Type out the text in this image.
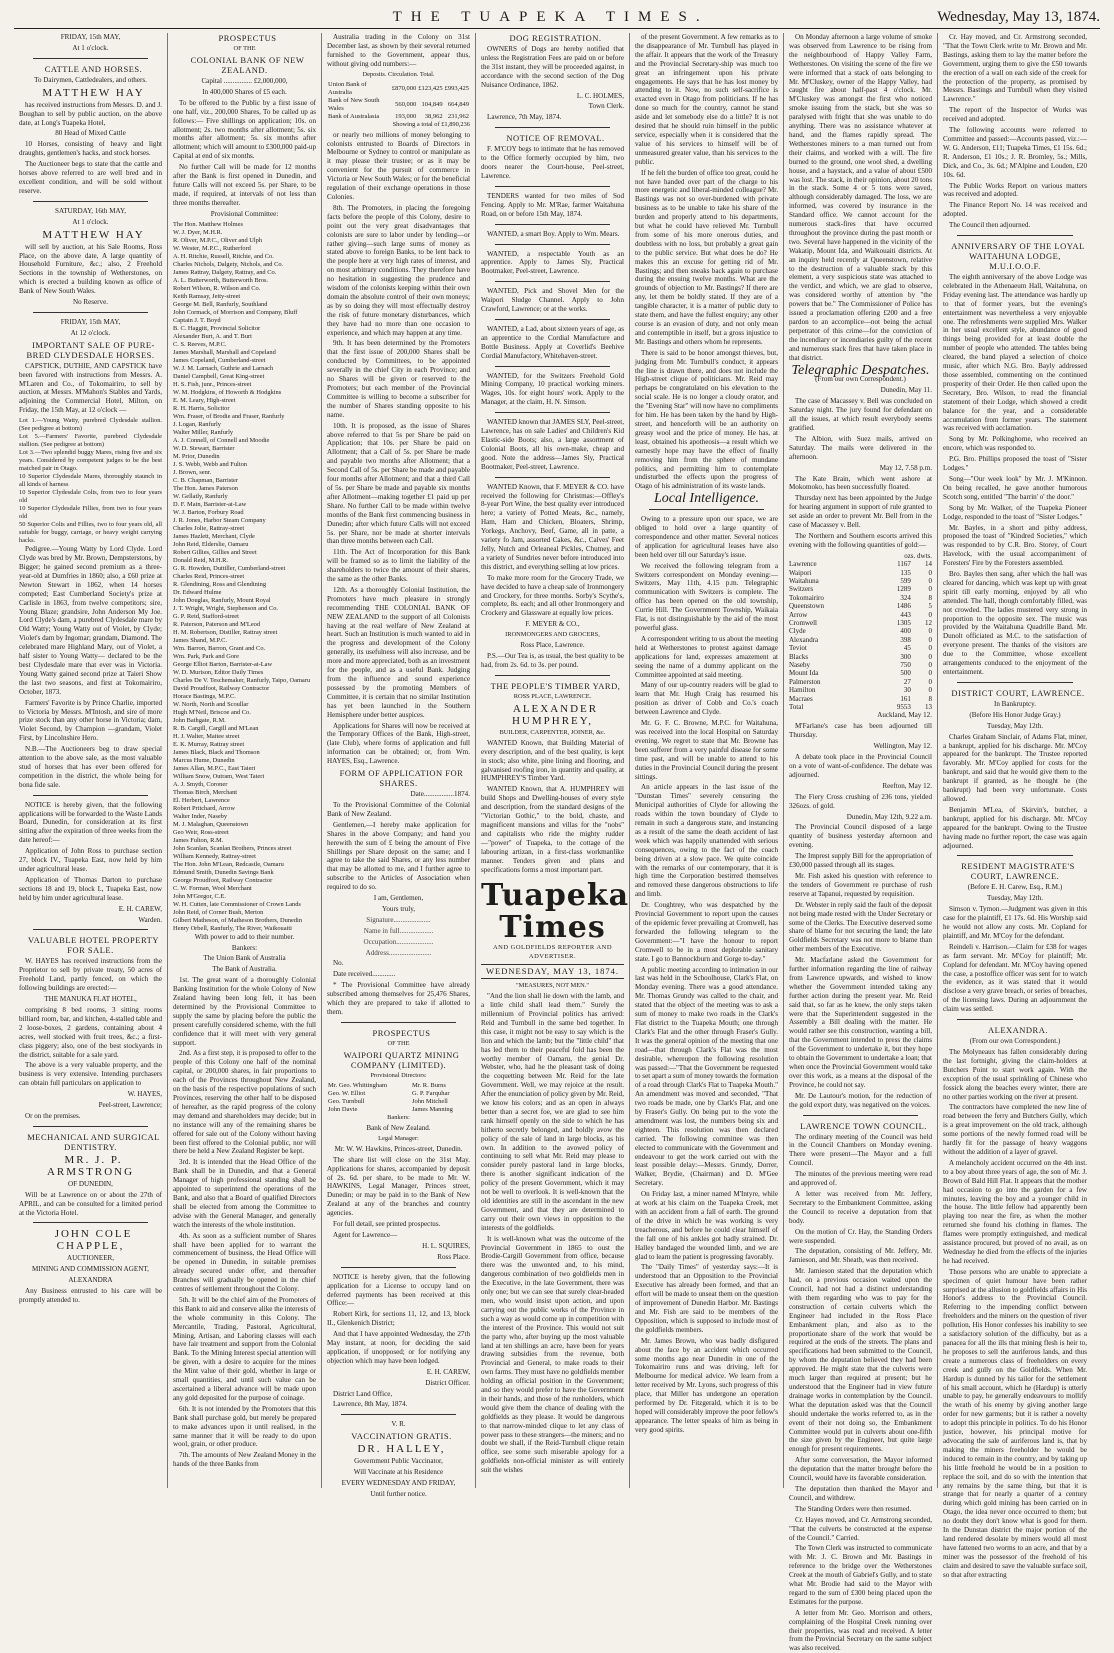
THE TUAPEKA TIMES.	Wednesday, May 13, 1874.

FRIDAY, 15th MAY,

At 1 o'clock.

CATTLE AND HORSES.

To Dairymen, Cattledealers, and others.

MATTHEW HAY

has received instructions from Messrs. D. and J. Boughan to sell by public auction, on the above date, at Long's Tuapeka Hotel,

80 Head of Mixed Cattle

10 Horses, consisting of heavy and light draughts, gentlemen's hacks, and stock horses.

The Auctioneer begs to state that the cattle and horses above referred to are well bred and in excellent condition, and will be sold without reserve.

SATURDAY, 16th MAY,

At 1 o'clock.

MATTHEW HAY

will sell by auction, at his Sale Rooms, Ross Place, on the above date, A large quantity of Household Furniture, &c.; also, 2 Freehold Sections in the township of Wetherstones, on which is erected a building known as office of Bank of New South Wales.

No Reserve.

FRIDAY, 15th MAY,

At 12 o'clock.

IMPORTANT SALE OF PURE-BRED CLYDESDALE HORSES.

CAPSTICK, DUTHIE, AND CAPSTICK have been favored with instructions from Messrs. A. M'Laren and Co., of Tokomairiro, to sell by auction, at Messrs. M'Mahon's Stables and Yards, adjoining the Commercial Hotel, Milton, on Friday, the 15th May, at 12 o'clock —

Lot 1.—Young Watty, purebred Clydesdale stallion. (See pedigree at bottom)

Lot 5.—Farmers' Favorite, purebred Clydesdale stallion. (See pedigree at bottom)

Lot 3.—Two splendid buggy Mares, rising five and six years. Considered by competent judges to be the best matched pair in Otago.

10 Superior Clydesdale Mares, thoroughly staunch in all kinds of harness

10 Superior Clydesdale Colts, from two to four years old

10 Superior Clydesdale Fillies, from two to four years old

50 Superior Colts and Fillies, two to four years old, all suitable for buggy, carriage, or heavy weight carrying hacks.

Pedigree.—Young Watty by Lord Clyde. Lord Clyde was bred by Mr. Brown, Dempsterstons, by Bigger; he gained second premium as a three-year-old at Dumfries in 1860; also, a £60 prize at Newton Stewart in 1862, when 14 horses competed; East Cumberland Society's prize at Carlisle in 1863, from twelve competitors; sire, Young Blaze; grandsire, John Anderson My Joe. Lord Clyde's dam, a purebred Clydesdale mare by Old Watty; Young Watty out of Violet, by Clyde; Violet's dam by Ingomar; grandam, Diamond. The celebrated mare Highland Mary, out of Violet, a half sister to Young Watty— declared to be the best Clydesdale mare that ever was in Victoria. Young Watty gained second prize at Taieri Show the last two seasons, and first at Tokomairiro, October, 1873.

Farmers' Favorite is by Prince Charlie, imported to Victoria by Messrs. M'Intosh, and sire of more prize stock than any other horse in Victoria; dam, Violet Second, by Champion —grandam, Violet First, by Lincolnshire Hero.

N.B.—The Auctioneers beg to draw special attention to the above sale, as the most valuable stud of horses that has ever been offered for competition in the district, the whole being for bona fide sale.

NOTICE is hereby given, that the following applications will be forwarded to the Waste Lands Board, Dunedin, for consideration at its first sitting after the expiration of three weeks from the date hereof:—

Application of John Ross to purchase section 27, block IV., Tuapeka East, now held by him under agricultural lease.

Application of Thomas Darton to purchase sections 18 and 19, block I., Tuapeka East, now held by him under agricultural lease.

E. H. CAREW,

Warden.

VALUABLE HOTEL PROPERTY FOR SALE.

W. HAYES has received instructions from the Proprietor to sell by private treaty, 50 acres of Freehold Land, partly fenced, on which the following buildings are erected:—

THE MANUKA FLAT HOTEL,

comprising 8 bed rooms, 3 sitting rooms billiard room, bar, and kitchen, 4-stalled table and 2 loose-boxes, 2 gardens, containing about 4 acres, well stocked with fruit trees, &c.; a first-class piggery; also, one of the best stockyards in the district, suitable for a sale yard.

The above is a very valuable property, and the business is very extensive. Intending purchasers can obtain full particulars on application to

W. HAYES,

Peel-street, Lawrence;

Or on the premises.

MECHANICAL AND SURGICAL DENTISTRY.

MR. J. P. ARMSTRONG

OF DUNEDIN,

Will be at Lawrence on or about the 27th of APRIL, and can be consulted for a limited period at the Victoria Hotel.

JOHN COLE CHAPPLE,

AUCTIONEER,

MINING AND COMMISSION AGENT,

ALEXANDRA

Any Business entrusted to his care will be promptly attended to.

PROSPECTUS

OF THE

COLONIAL BANK OF NEW ZEALAND.

Capital ................ £2,000,000,

In 400,000 Shares of £5 each.

To be offered to the Public by a first issue of one half, viz., 200,000 Shares, To be called up as follows:— Five shillings on application; 10s. on allotment; 2s. two months after allotment; 5s. six months after allotment; 5s. six months after allotment; which will amount to £300,000 paid-up Capital at end of six months.

No further Call will be made for 12 months after the Bank is first opened in Dunedin, and future Calls will not exceed 5s. per Share, to be made, if required, at intervals of not less than three months thereafter.

Provisional Committee:

The Hon. Matthew Holmes

W. J. Dyer, M.H.R.

R. Oliver, M.P.C., Oliver and Ulph

W. Wester, M.P.C., Rutherford

A. H. Ritchie, Russell, Ritchie, and Co.

Charles Nichols, Dalgety, Nichols, and Co.

James Rattray, Dalgety, Rattray, and Co.

A. L. Butterworth, Butterworth Bros.

Robert Wilson, R. Wilson and Co.

Keith Ramsay, Jetty-street

George M. Bell, Ranfurly, Southland

John Cormack, of Morrison and Company, Bluff

Captain J. T. Boyd

B. C. Haggitt, Provincial Solicitor

Alexander Burt, A. and T. Burt

C. S. Reeves, M.P.C.

James Marshall, Marshall and Copeland

James Copeland, Cumberland-street

W. J. M. Larnach, Guthrie and Larnach

Daniel Campbell, Great King-street

H. S. Fish, junr., Princes-street

W. M. Hodgkins, of Howorth & Hodgkins

E. M. Leary, High-street

R. H. Harris, Solicitor

Wm. Fraser, of Brodie and Fraser, Ranfurly

J. Logan, Ranfurly

Walter Miller, Ranfurly

A. J. Connell, of Connell and Moodie

W. D. Stewart, Barrister

M. Prior, Dunedin

J. S. Webb, Webb and Fulton

J. Brown, senr.

C. B. Chapman, Barrister

The Hon. James Paterson

W. Gellatly, Ranfurly

D. F. Main, Barrister-at-Law

W. J. Barton, Forbury Road

J. R. Jones, Harbor Steam Company

Charles Jolie, Rattray-street

James Hazlett, Merchant, Clyde

John Reid, Elderslie, Oamaru

Robert Gillies, Gillies and Street

Donald Reid, M.H.R.

G. R. Howden, Duttiller, Cumberland-street

Charles Reid, Princes-street

R. Glendining, Ross and Glendining

Dr. Edward Hulme

John Douglas, Ranfurly, Mount Royal

J. T. Wright, Wright, Stephenson and Co.

G. P. Reid, Stafford-street

R. Paterson, Paterson and M'Leod

H. M. Robertson, Distiller, Rattray street

James Shand, M.P.C.

Wm. Barron, Barron, Grant and Co.

Wm. Park, Park and Gore

George Elliot Barton, Barrister-at-Law

W. D. Murison, Editor Daily Times

Charles De V. Teschemaker, Ranfurly, Taipo, Oamaru

David Proudfoot, Railway Contractor

Horace Bastings, M.P.C.

W. North, North and Scoullar

Hugh M'Neil, Briscoe and Co.

John Bathgate, R.M.

R. B. Cargill, Cargill and M'Lean

H. J. Walter, Maitee street

E. K. Murray, Rattray street

James Black, Black and Thomson

Marcus Hume, Dunedin

James Allan, M.P.C., East Taieri

William Snow, Outram, West Taieri

A. J. Smyth, Coroner

Thomas Birch, Merchant

El. Herbert, Lawrence

Robert Pritchard, Arrow

Walter Inder, Naseby

M. J. Malaghan, Queenstown

Geo Weir, Ross-street

James Fulton, R.M.

John Scanlan, Scanlan Brothers, Princes street

William Kennedy, Rattray-street

The Hon. John M'Lean, Redcastle, Oamaru

Edmund Smith, Dunedin Savings Bank

George Proudfoot, Railway Contractor

C. W. Forman, Wool Merchant

John M'Gregor, C.E.

W. H. Cutten, late Commissioner of Crown Lands

John Reid, of Corner Bush, Merton

Gilbert Matheson, of Matheson Brothers, Dunedin

Henry Orbell, Ranfurly, The River, Waikouaiti

With power to add to their number.

Bankers:

The Union Bank of Australia

The Bank of Australia.

1st. The great want of a thoroughly Colonial Banking Institution for the whole Colony of New Zealand having been long felt, it has been determined by the Provisional Committee to supply the same by placing before the public the present carefully considered scheme, with the full confidence that it will meet with very general support.

2nd. As a first step, it is proposed to offer to the people of this Colony one half of the nominal capital, or 200,000 shares, in fair proportions to each of the Provinces throughout New Zealand, on the basis of the respective populations of such Provinces, reserving the other half to be disposed of hereafter, as the rapid progress of the colony may demand and shareholders may decide; but in no instance will any of the remaining shares be offered for sale out of the Colony without having been first offered to the Colonial public, nor will there be held a New Zealand Register be kept.

3rd. It is intended that the Head Office of the Bank shall be in Dunedin, and that a General Manager of high professional standing shall be appointed to superintend the operations of the Bank, and also that a Board of qualified Directors shall be elected from among the Committee to advise with the General Manager, and generally watch the interests of the whole institution.

4th. As soon as a sufficient number of Shares shall have been applied for to warrant the commencement of business, the Head Office will be opened in Dunedin, in suitable premises already secured under offer, and thereafter Branches will gradually be opened in the chief centres of settlement throughout the Colony.

5th. It will be the chief aim of the Promoters of this Bank to aid and conserve alike the interests of the whole community in this Colony. The Mercantile, Trading, Pastoral, Agricultural, Mining, Artisan, and Laboring classes will each have fair treatment and support from the Colonial Bank. To the Mining Interest special attention will be given, with a desire to acquire for the mines the Mint value of their gold, whether in large or small quantities, and until such value can be ascertained a liberal advance will be made upon any gold deposited for the purpose of coinage.

6th. It is not intended by the Promoters that this Bank shall purchase gold, but merely be prepared to make advances upon it until realised, in the same manner that it will be ready to do upon wool, grain, or other produce.

7th. The amounts of New Zealand Money in the hands of the three Banks from

Australia trading in the Colony on 31st December last, as shown by their several returned furnished to the Government, appear thus, without giving odd numbers:—

Deposits. Circulation. Total.

Union Bank of Australia	£870,000	£123,425	£993,425
Bank of New South Wales	560,000	104,849	664,849
Bank of Australasia	193,000	38,962	231,962

Showing a total of £1,890,236

or nearly two millions of money belonging to colonists entrusted to Boards of Directors in Melbourne or Sydney to control or manipulate as it may please their trustee; or as it may be convenient for the pursuit of commerce in Victoria or New South Wales; or for the beneficial regulation of their exchange operations in those Colonies.

8th. The Promoters, in placing the foregoing facts before the people of this Colony, desire to point out the very great disadvantages that colonists are sure to labor under by lending—or rather giving—such large sums of money as stated above to foreign Banks, to be lent back to the people here at very high rates of interest, and on most arbitrary conditions. They therefore have no hesitation in suggesting the prudence and wisdom of the colonists keeping within their own domain the absolute control of their own moneys; as by so doing they will most effectually destroy the risk of future monetary disturbances, which they have had no more than one occasion to experience, and which may happen at any time.

9th. It has been determined by the Promoters that the first issue of 200,000 Shares shall be conducted by Committees, to be appointed severally in the chief City in each Province; and no Shares will be given or reserved to the Promoters; but each member of the Provincial Committee is willing to become a subscriber for the number of Shares standing opposite to his name.

10th. It is proposed, as the issue of Shares above referred to that 5s per Share be paid on Application; that 10s. per Share be paid on Allotment; that a Call of 5s. per Share be made and payable two months after Allotment; that a Second Call of 5s. per Share be made and payable four months after Allotment; and that a third Call of 5s. per Share be made and payable six months after Allotment—making together £1 paid up per Share. No further Call to be made within twelve months of the Bank first commencing business in Dunedin; after which future Calls will not exceed 5s. per Share, nor be made at shorter intervals than three months between each Call.

11th. The Act of Incorporation for this Bank will be framed so as to limit the liability of the shareholders to twice the amount of their shares, the same as the other Banks.

12th. As a thoroughly Colonial Institution, the Promoters have much pleasure in strongly recommending THE COLONIAL BANK OF NEW ZEALAND to the support of all Colonists having at the real welfare of New Zealand at heart. Such an Institution is much wanted to aid in the progress and development of the Colony generally, its usefulness will also increase, and be more and more appreciated, both as an investment for the people, and as a useful Bank. Judging from the influence and sound experience possessed by the promoting Members of Committee, it is certain that no similar Institution has yet been launched in the Southern Hemisphere under better auspices.

Applications for Shares will now be received at the Temporary Offices of the Bank, High-street, (late Club), where forms of application and full information can be obtained; or, from Wm. HAYES, Esq., Lawrence.

FORM OF APPLICATION FOR SHARES.

Date.................1874.

To the Provisional Committee of the Colonial Bank of New Zealand.

Gentlemen,—I hereby make application for Shares in the above Company; and hand you herewith the sum of £ being the amount of Five Shillings per Share deposit on the same; and I agree to take the said Shares, or any less number that may be allotted to me, and I further agree to subscribe to the Articles of Association when required to do so.

I am, Gentlemen,

Yours truly,

Signature.....................

Name in full...................

Occupation.....................

Address........................

No.

Date received.............

* The Provisional Committee have already subscribed among themselves for 25,476 Shares, which they are prepared to take if allotted to them.

PROSPECTUS

OF THE

WAIPORI QUARTZ MINING COMPANY (LIMITED).

Provisional Directors:

Mr. Geo. Whittingham	Mr. R. Burns
Geo. W. Elliot	G. P. Farquhar
Geo. Turnbull	John Mitchell
John Davie	James Manning

Bankers:

Bank of New Zealand.

Legal Manager:

Mr. W. W. Hawkins, Princes-street, Dunedin.

The share list will close on the 31st May. Applications for shares, accompanied by deposit of 2s. 6d. per share, to be made to Mr. W. HAWKINS, Legal Manager, Princes street, Dunedin; or may be paid in to the Bank of New Zealand at any of the branches and country agencies.

For full detail, see printed prospectus.

Agent for Lawrence—

H. L. SQUIRES,

Ross Place.

NOTICE is hereby given, that the following application for a License to occupy land on deferred payments has been received at this Office:—

Robert Kirk, for sections 11, 12, and 13, block II., Glenkenich District;

And that I have appointed Wednesday, the 27th May instant, at noon, for deciding the said application, if unopposed; or for notifying any objection which may have been lodged.

E. H. CAREW,

District Officer.

District Land Office,

Lawrence, 8th May, 1874.

V. R.

VACCINATION GRATIS.

DR. HALLEY,

Government Public Vaccinator,

Will Vaccinate at his Residence

EVERY WEDNESDAY AND FRIDAY,

Until further notice.

DOG REGISTRATION.

OWNERS of Dogs are hereby notified that unless the Registration Fees are paid on or before the 31st instant, they will be proceeded against, in accordance with the second section of the Dog Nuisance Ordinance, 1862.

L. C. HOLMES,

Town Clerk.

Lawrence, 7th May, 1874.

NOTICE OF REMOVAL.

F. M'COY begs to intimate that he has removed to the Office formerly occupied by him, two doors nearer the Court-house, Peel-street, Lawrence.

TENDERS wanted for two miles of Sod Fencing. Apply to Mr. M'Rae, farmer Waitahuna Road, on or before 15th May, 1874.

WANTED, a smart Boy. Apply to Wm. Mears.

WANTED, a respectable Youth as an apprentice. Apply to James Sly, Practical Bootmaker, Peel-street, Lawrence.

WANTED, Pick and Shovel Men for the Waipori Sludge Channel. Apply to John Crawford, Lawrence; or at the works.

WANTED, a Lad, about sixteen years of age, as an apprentice to the Cordial Manufacture and Bottle Business. Apply at Coverlid's Beehive Cordial Manufactory, Whitehaven-street.

WANTED, for the Switzers Freehold Gold Mining Company, 10 practical working miners. Wages, 10s. for eight hours' work. Apply to the Manager, at the claim, H. N. Simson.

WANTED known that JAMES SLY, Peel-street, Lawrence, has on sale Ladies' and Children's Kid Elastic-side Boots; also, a large assortment of Colonial Boots, all his own-make, cheap and good. Note the address—James Sly, Practical Bootmaker, Peel-street, Lawrence.

WANTED Known, that F. MEYER & CO. have received the following for Christmas:—Offley's 8-year Port Wine, the best quality ever introduced here; a variety of Potted Meats, &c., namely, Ham, Ham and Chicken, Bloaters, Shrimp, Yorkegs, Anchovy, Beef, Game, all in patte, a variety fo Jam, assorted Cakes, &c., Calves' Feet Jelly, Nutch and Orleaneal Pickles, Chutney, and a variety of Sundries never before introduced into this district, and everything selling at low prices.

To make more room for the Grocery Trade, we have decided to have a cheap sale of Ironmongery and Crockery, for three months. Sorby's Scythe's, complete, 8s. each; and all other Ironmongery and Crockery and Glassware at equally low prices.

F. MEYER & CO.,

IRONMONGERS AND GROCERS,

Ross Place, Lawrence.

P.S.—Our Tea is, as usual, the best quality to be had, from 2s. 6d. to 3s. per pound.

THE PEOPLE'S TIMBER YARD,

ROSS PLACE, LAWRENCE.

ALEXANDER HUMPHREY,

BUILDER, CARPENTER, JOINER, &c.

WANTED Known, that Building Material of every description, and of the best quality, is kept in stock; also white, pine lining and flooring, and galvanised roofing iron, in quantity and quality, at HUMPHREY'S Timber Yard.

WANTED Known, that A. HUMPHREY will build Shops and Dwelling-houses of every style and description, from the standard designs of the "Victorian Gothic," to the bold, chaste, and magnificent mansions and villas for the "nobs" and capitalists who ride the mighty rudder—"power" of Tuapeka, to the cottage of the labouring artizan, in a first-class workmanlike manner. Tenders given and plans and specifications forms a most important part.

Tuapeka Times
AND GOLDFIELDS REPORTER AND ADVERTISER.
WEDNESDAY, MAY 13, 1874.

"MEASURES, NOT MEN."

"And the lion shall lie down with the lamb, and a little child shall lead them." Surely the millennium of Provincial politics has arrived: Reid and Turnbull in the same bed together. In this case, it might not be easy to say which is the lion and which the lamb; but the "little child" that has led them to their peaceful fold has been the worthy member of Oamaru, the genial Dr. Webster, who, had he the pleasant task of doing the coquetting between Mr. Reid for the late Government. Well, we may rejoice at the result. After the enunciation of policy given by Mr. Reid, we know his colors; and as an open in always better than a secret foe, we are glad to see him rank himself openly on the side to which he has hitherto secretly belonged, and boldly avow the policy of the sale of land in large blocks, as his own. In addition to the avowed policy of continuing to sell what Mr. Reid may please to consider purely pastoral land in large blocks, there is another significant indication of the policy of the present Government, which it may not be well to overlook. It is well-known that the old identities are still in the ascendant in the new Government, and that they are determined to carry out their own views in opposition to the interests of the goldfields.

It is well-known what was the outcome of the Provincial Government in 1865 to oust the Brodie-Cargill Government from office, because there was the unwonted and, to his mind, dangerous combination of two goldfields men in the Executive, in the late Government, there was only one; but we can see that surely clear-headed men, who would insist upon action, and upon carrying out the public works of the Province in such a way as would come up in competition with the interest of the Province. This would not suit the party who, after buying up the most valuable land at ten shillings an acre, have been for years drawing subsidies from the revenue, both Provincial and General, to make roads to their own farms. They must have no goldfields member holding an official position in the Government; and so they would prefer to have the Government in their hands, and those of the runholders, which would give them the chance of dealing with the goldfields as they please. It would be dangerous to that narrow-minded clique to let any class of power pass to these strangers—the miners; and no doubt we shall, if the Reid-Turnbull clique retain office, see some such miserable apology for a goldfields non-official minister as will entirely suit the wishes

of the present Government. A few remarks as to the disappearance of Mr. Turnbull has played in the affair. It appears that the work of the Treasury and the Provincial Secretary-ship was much too great an infringement upon his private engagements. He says that he has lost money by attending to it. Now, no such self-sacrifice is exacted even in Otago from politicians. If he has done so much for the country, cannot he stand aside and let somebody else do a little? It is not desired that he should ruin himself in the public service, especially when it is considered that the value of his services to himself will be of unmeasured greater value, than his services to the public.

If he felt the burden of office too great, could he not have handed over part of the charge to his more energetic and liberal-minded colleague? Mr. Bastings was not so over-burdened with private business as to be unable to take his share of the burden and properly attend to his departments, but what he could have relieved Mr. Turnbull from some of his more onerous duties, and doubtless with no loss, but probably a great gain to the public service. But what does he do? He makes this an excuse for getting rid of Mr. Bastings; and then sneaks back again to purchase during the ensuing twelve months. What are the grounds of objection to Mr. Bastings? If there are any, let them be boldly stated. If they are of a tangible character, it is a matter of public duty to state them, and have the fullest enquiry; any other course is an evasion of duty, and not only mean and contemptible in itself, but a gross injustice to Mr. Bastings and others whom he represents.

There is said to be honor amongst thieves, but, judging from Mr. Turnbull's conduct, it appears the line is drawn there, and does not include the High-street clique of politicians. Mr. Reid may perhaps be congratulated on his elevation to the social scale. He is no longer a cloudy orator, and the "Evening Star" will now have no compliments for him. He has been taken by the hand by High-street, and henceforth will be an authority on greasy wool and the price of money. He has, at least, obtained his apotheosis—a result which we earnestly hope may have the effect of finally removing him from the sphere of mundane politics, and permitting him to contemplate undisturbed the effects upon the progress of Otago of his administration of its waste lands.

Local Intelligence.

Owing to a pressure upon our space, we are obliged to hold over a large quantity of correspondence and other matter. Several notices of application for agricultural leases have also been held over till our Saturday's issue.

We received the following telegram from a Switzers correspondent on Monday evening:—Switzers, May 11th, 4.15 p.m. Telegraphic communication with Switzers is complete. The office has been opened on the old township, Currie Hill. The Government Township, Waikaia Flat, is not distinguishable by the aid of the most powerful glass.

A correspondent writing to us about the meeting held at Wetherstones to protest against damage applications for land, expresses amazement at seeing the name of a dummy applicant on the Committee appointed at said meeting.

Many of our up-country readers will be glad to learn that Mr. Hugh Craig has resumed his position as driver of Cobb and Co.'s coach between Lawrence and Clyde.

Mr. G. F. C. Browne, M.P.C. for Waitahuna, was received into the local Hospital on Saturday evening. We regret to state that Mr. Browne has been sufferer from a very painful disease for some time past, and will be unable to attend to his duties in the Provincial Council during the present sittings.

An article appears in the last issue of the "Dunstan Times" severely censuring the Municipal authorities of Clyde for allowing the roads within the town boundary of Clyde to remain in such a dangerous state, and instancing as a result of the same the death accident of last week which was happily unattended with serious consequences, owing to the fact of the coach being driven at a slow pace. We quite coincide with the remarks of our contemporary, that it is high time the Corporation bestirred themselves and removed these dangerous obstructions to life and limb.

Dr. Coughtrey, who was despatched by the Provincial Government to report upon the causes of the epidemic fever prevailing at Cromwell, has forwarded the following telegram to the Government:—"I have the honour to report Cromwell to be in a most deplorable sanitary state. I go to Bannockburn and Gorge to-day."

A public meeting according to intimation in our last was held in the Schoolhouse, Clark's Flat, on Monday evening. There was a good attendance. Mr. Thomas Grundy was called to the chair, and stated that the object of the meeting was to ask a sum of money to make two roads in the Clark's Flat district to the Tuapeka Mouth; one through Clark's Flat and the other through Fraser's Gully. It was the general opinion of the meeting that one road—that through Clark's Flat was the most desirable, whereupon the following resolution was passed:—"That the Government be requested to set apart a sum of money towards the formation of a road through Clark's Flat to Tuapeka Mouth." An amendment was moved and seconded, "That two roads be made, one by Clark's Flat, and one by Fraser's Gully. On being put to the vote the amendment was lost, the numbers being six and eighteen. This resolution was then declared carried. The following committee was then elected to communicate with the Government and endeavour to get the work carried out with the least possible delay:—Messrs. Grundy, Dorrer, Walker, Brydie, (Chairman) and D. M'Gee Secretary.

On Friday last, a miner named M'Intyre, while at work at his claim on the Tuapeka Creek, met with an accident from a fall of earth. The ground of the drive in which he was working is very treacherous, and before he could clear himself of the fall one of his ankles got badly strained. Dr. Halley bandaged the wounded limb, and we are glad to learn the patient is progressing favorably.

The "Daily Times" of yesterday says:—It is understood that an Opposition to the Provincial Executive has already been formed, and that an effort will be made to unseat them on the question of improvement of Dunedin Harbor. Mr. Bastings and Mr. Fish are said to be members of the Opposition, which is supposed to include most of the goldfields members.

Mr. James Brown, who was badly disfigured about the face by an accident which occurred some months ago near Dunedin in one of the Tokomairiro runs and was driving, left for Melbourne for medical advice. We learn from a letter received by Mr. Lyons, such progress of this place, that Miller has undergone an operation performed by Dr. Fitzgerald, which it is to be hoped will considerably improve the poor fellow's appearance. The letter speaks of him as being in very good spirits.

On Monday afternoon a large volume of smoke was observed from Lawrence to be rising from the neighbourhood of Happy Valley Farm, Wetherstones. On visiting the scene of the fire we were informed that a stack of oats belonging to Mr. M'Cluskey, owner of the Happy Valley, had caught fire about half-past 4 o'clock. Mr. M'Cluskey was amongst the first who noticed smoke issuing from the stack, but she was so paralysed with fright that she was unable to do anything. There was no assistance whatever at hand, and the flames rapidly spread. The Wetherstones miners to a man turned out from their claims, and worked with a will. The fire burned to the ground, one wool shed, a dwelling house, and a haystack, and a value of about £500 was lost. The stack, in their opinion, about 20 tons in the stack. Some 4 or 5 tons were saved, although considerably damaged. The loss, we are informed, was covered by insurance in the Standard office. We cannot account for the numerous stack-fires that have occurred throughout the province during the past month or two. Several have happened in the vicinity of the Wakatip, Mount Ida, and Waikouaiti districts. At an inquiry held recently at Queenstown, relative to the destruction of a valuable stack by this element, a very suspicious state was attached to the verdict, and which, we are glad to observe, was considered worthy of attention by "the powers that be." The Commissioner of Police has issued a proclamation offering £200 and a free pardon to an accomplice—not being the actual perpetrator of this crime—for the conviction of the incendiary or incendiaries guilty of the recent and numerous stack fires that have taken place in that district.

Telegraphic Despatches.

(From our own Correspondent.)

Dunedin, May 11.

The case of Macassey v. Bell was concluded on Saturday night. The jury found for defendant on all the issues, at which result everybody seems gratified.

The Albion, with Suez mails, arrived on Saturday. The mails were delivered in the afternoon.

May 12, 7.58 p.m.

The Kate Brain, which went ashore at Mokomoko, has been successfully floated.

Thursday next has been appointed by the Judge for hearing argument in support of rule granted to set aside an order to prevent Mr. Bell from in the case of Macassey v. Bell.

The Northern and Southern escorts arrived this evening with the following quantities of gold:—

	ozs. dwts.	
Lawrence	1167	14
Waipori	135	0
Waitahuna	599	0
Switzers	1289	0
Tokomairiro	324	8
Queenstown	1486	5
Arrow	443	0
Cromwell	1305	12
Clyde	400	0
Alexandra	398	0
Teviot	45	0
Blacks	300	0
Naseby	750	0
Mount Ida	500	0
Palmerston	27	0
Hamilton	30	0
Macraes	161	8
Total	9553	13

Auckland, May 12.

M'Farlane's case has been adjourned till Thursday.

Wellington, May 12.

A debate took place in the Provincial Council on a vote of want-of-confidence. The debate was adjourned.

Reefton, May 12.

The Fiery Cross crushing of 236 tons, yielded 326ozs. of gold.

Dunedin, May 12th, 9.22 a.m.

The Provincial Council disposed of a large quantity of business yesterday afternoon and evening.

The Imprest supply Bill for the appropriation of £30,000 passed through all its stages.

Mr. Fish asked his question with reference to the tenders of Government re purchase of rush reserve at Tapanui, requested by requisition.

Dr. Webster in reply said the fault of the deposit not being made rested with the Under Secretary or some of the Clerks. The Executive deserved some share of blame for not securing the land; the late Goldfields Secretary was not more to blame than other members of the Executive.

Mr. Macfarlane asked the Government for further information regarding the line of railway from Lawrence upwards, and wished to know whether the Government intended taking any further action during the present year. Mr. Reid said that, so far as he knew, the only steps taken were that the Superintendent suggested in the Assembly a Bill dealing with the matter. He would rather see this construction, wanting a bill, that the Government intended to press the claims of the Government to undertake it, but they hope to obtain the Government to undertake a loan; that when once the Provincial Government would take over this work, as a means at the disposal of the Province, he could not say.

Mr. De Lautour's motion, for the reduction of the gold export duty, was negatived on the voices.

LAWRENCE TOWN COUNCIL.

The ordinary meeting of the Council was held in the Council Chambers on Monday evening. There were present—The Mayor and a full Council.

The minutes of the previous meeting were read and approved of.

A letter was received from Mr. Jeffery, Secretary to the Embankment Committee, asking the Council to receive a deputation from that body.

On the motion of Cr. Hay, the Standing Orders were suspended.

The deputation, consisting of Mr. Jeffery, Mr. Jamieson, and Mr. Sheath, was then received.

Mr. Jamieson stated that the deputation which had, on a previous occasion waited upon the Council, had not had a distinct understanding with them regarding who was to pay for the construction of certain culverts which the Engineer had included in the Ross Place Embankment plan, and also as to the proportionate share of the work that would be required at the ends of the streets. The plans and specifications had been submitted to the Council, by whom the deputation believed they had been approved. He might state that the culverts were much larger than required at present; but he understood that the Engineer had in view future drainage works in contemplation by the Council. What the deputation asked was that the Council should undertake the works referred to, as in the event of their not doing so, the Embankment Committee would put in culverts about one-fifth the size given by the Engineer, but quite large enough for present requirements.

After some conversation, the Mayor informed the deputation that the matter brought before the Council, would have its favorable consideration.

The deputation then thanked the Mayor and Council, and withdrew.

The Standing Orders were then resumed.

Cr. Hayes moved, and Cr. Armstrong seconded, "That the culverts be constructed at the expense of the Council." Carried.

The Town Clerk was instructed to communicate with Mr. J. C. Brown and Mr. Bastings in reference to the bridge over the Wetherstones Creek at the mouth of Gabriel's Gully, and to state what Mr. Brodie had said to the Mayor with regard to the sum of £300 being placed upon the Estimates for the purpose.

A letter from Mr. Geo. Morrison and others, complaining of the Hospital Creek running over their properties, was read and received. A letter from the Provincial Secretary on the same subject was also received.

Cr. Hay moved, and Cr. Armstrong seconded, "That the Town Clerk write to Mr. Brown and Mr. Bastings, asking them to lay the matter before the Government, urging them to give the £50 towards the erection of a wall on each side of the creek for the protection of the property, as promised by Messrs. Bastings and Turnbull when they visited Lawrence."

The report of the Inspector of Works was received and adopted.

The following accounts were referred to Committee and passed:—Accounts passed, viz.:—W. G. Anderson, £11; Tuapeka Times, £1 15s. 6d.; R. Anderson, £1 10s.; J. R. Bromley, 5s.; Mills, Dick, and Co., 3s. 6d.; M'Alpine and Louden, £20 10s. 6d.

The Public Works Report on various matters was received and adopted.

The Finance Report No. 14 was received and adopted.

The Council then adjourned.

ANNIVERSARY OF THE LOYAL WAITAHUNA LODGE, M.U.I.O.O.F.

The eighth anniversary of the above Lodge was celebrated in the Athenaeum Hall, Waitahuna, on Friday evening last. The attendance was hardly up to that of former years, but the evening's entertainment was nevertheless a very enjoyable one. The refreshments were supplied Mrs. Walker in her usual excellent style, abundance of good things being provided for at least double the number of people who attended. The tables being cleared, the band played a selection of choice music, after which N.G. Bro. Bayly addressed those assembled, commenting on the continued prosperity of their Order. He then called upon the Secretary, Bro. Wilson, to read the financial statement of their Lodge, which showed a credit balance for the year, and a considerable accumulation from former years. The statement was received with acclamation.

Song by Mr. Polkinghorne, who received an encore, which was responded to.

P.G. Bro. Phillips proposed the toast of "Sister Lodges."

Song—"Our week look" by Mr. J. M'Kinnon. On being recalled, he gave another humorous Scotch song, entitled "The barrin' o' the door."

Song by Mr. Walker, of the Tuapeka Pioneer Lodge, responded to the toast of "Sister Lodges."

Mr. Bayles, in a short and pithy address, proposed the toast of "Kindred Societies," which was responded to by C.R. Bro. Storey, of Court Havelock, with the usual accompaniment of Foresters' Fire by the Foresters assembled.

Bro. Bayles then sang, after which the hall was cleared for dancing, which was kept up with great spirit till early morning, enjoyed by all who attended. The hall, though comfortably filled, was not crowded. The ladies mustered very strong in proportion to the opposite sex. The music was provided by the Waitahuna Quadrille Band. Mr. Dunolt officiated as M.C. to the satisfaction of everyone present. The thanks of the visitors are due to the Committee, whose excellent arrangements conduced to the enjoyment of the entertainment.

DISTRICT COURT, LAWRENCE.

In Bankruptcy.

(Before His Honor Judge Gray.)

Tuesday, May 12th.

Charles Graham Sinclair, of Adams Flat, miner, a bankrupt, applied for his discharge. Mr. M'Coy appeared for the bankrupt. The Trustee reported favorably. Mr. M'Coy applied for costs for the bankrupt, and said that he would give them to the bankrupt if granted, as he thought he (the bankrupt) had been very unfortunate. Costs allowed.

Benjamin M'Lea, of Skirvin's, butcher, a bankrupt, applied for his discharge. Mr. M'Coy appeared for the bankrupt. Owing to the Trustee having made no further report, the case was again adjourned.

RESIDENT MAGISTRATE'S COURT, LAWRENCE.

(Before E. H. Carew, Esq., R.M.)

Tuesday, May 12th.

Simson v. Tymon.—Judgment was given in this case for the plaintiff, £1 17s. 6d. His Worship said he would not allow any costs. Mr. Copland for plaintiff, and Mr. M'Coy for the defendant.

Reindeli v. Harrison.—Claim for £38 for wages as farm servant. Mr. M'Coy for plaintiff; Mr. Copland for defendant. Mr. M'Coy having opened the case, a postoffice officer was sent for to watch the evidence, as it was stated that it would disclose a very grave breach, or series of breaches, of the licensing laws. During an adjournment the claim was settled.

ALEXANDRA.

(From our own Correspondent.)

The Molyneaux has fallen considerably during the last fortnight, giving the claim-holders at Butchers Point to start work again. With the exception of the usual sprinkling of Chinese who fossick along the beaches every winter, there are no other parties working on the river at present.

The contractors have completed the new line of road between the ferry and Butchers Gully, which is a great improvement on the old track, although some portions of the newly formed road will be hardly fit for the passage of heavy waggons without the addition of a layer of gravel.

A melancholy accident occurred on the 4th inst. to a boy about three years of age, the son of Mr. J. Brown of Bald Hill Flat. It appears that the mother had occasion to go into the garden for a few minutes, leaving the boy and a younger child in the house. The little fellow had apparently been playing too near the fire, as when the mother returned she found his clothing in flames. The flames were promptly extinguished, and medical assistance procured, but proved of no avail, as on Wednesday he died from the effects of the injuries he had received.

Those persons who are unable to appreciate a specimen of quiet humour have been rather surprised at the allusion to goldfields affairs in His Honor's address to the Provincial Council. Referring to the impending conflict between freeholders and the miners on the question of river pollution, His Honor confesses his inability to see a satisfactory solution of the difficulty, but as a panacea for all the ills that mining flesh is heir to, he proposes to sell the auriferous lands, and thus create a numerous class of freeholders on every creek and gully on the Goldfields. When Mr. Hardup is dunned by his tailor for the settlement of his small account, which he (Hardup) is utterly unable to pay, he generally endeavours to mollify the wrath of his enemy by giving another large order for new garments; but it is rather a novelty to adopt this principle in politics. To do his Honor justice, however, his principal motive for advocating the sale of auriferous land is, that by making the miners freeholder he would be induced to remain in the country, and by taking up his little freehold he would be in a position to replace the soil, and do so with the intention that any remains by the same thing, but that it is strange that for nearly a quarter of a century during which gold mining has been carried on in Otago, the idea never once occurred to them; but no doubt they don't know what is good for them. In the Dunstan district the major portion of the land rendered desolate by miners would all most have fattened two worms to an acre, and that by a miner was the possessor of the freehold of his claim and desired to save the valuable surface soil, so that after extracting
